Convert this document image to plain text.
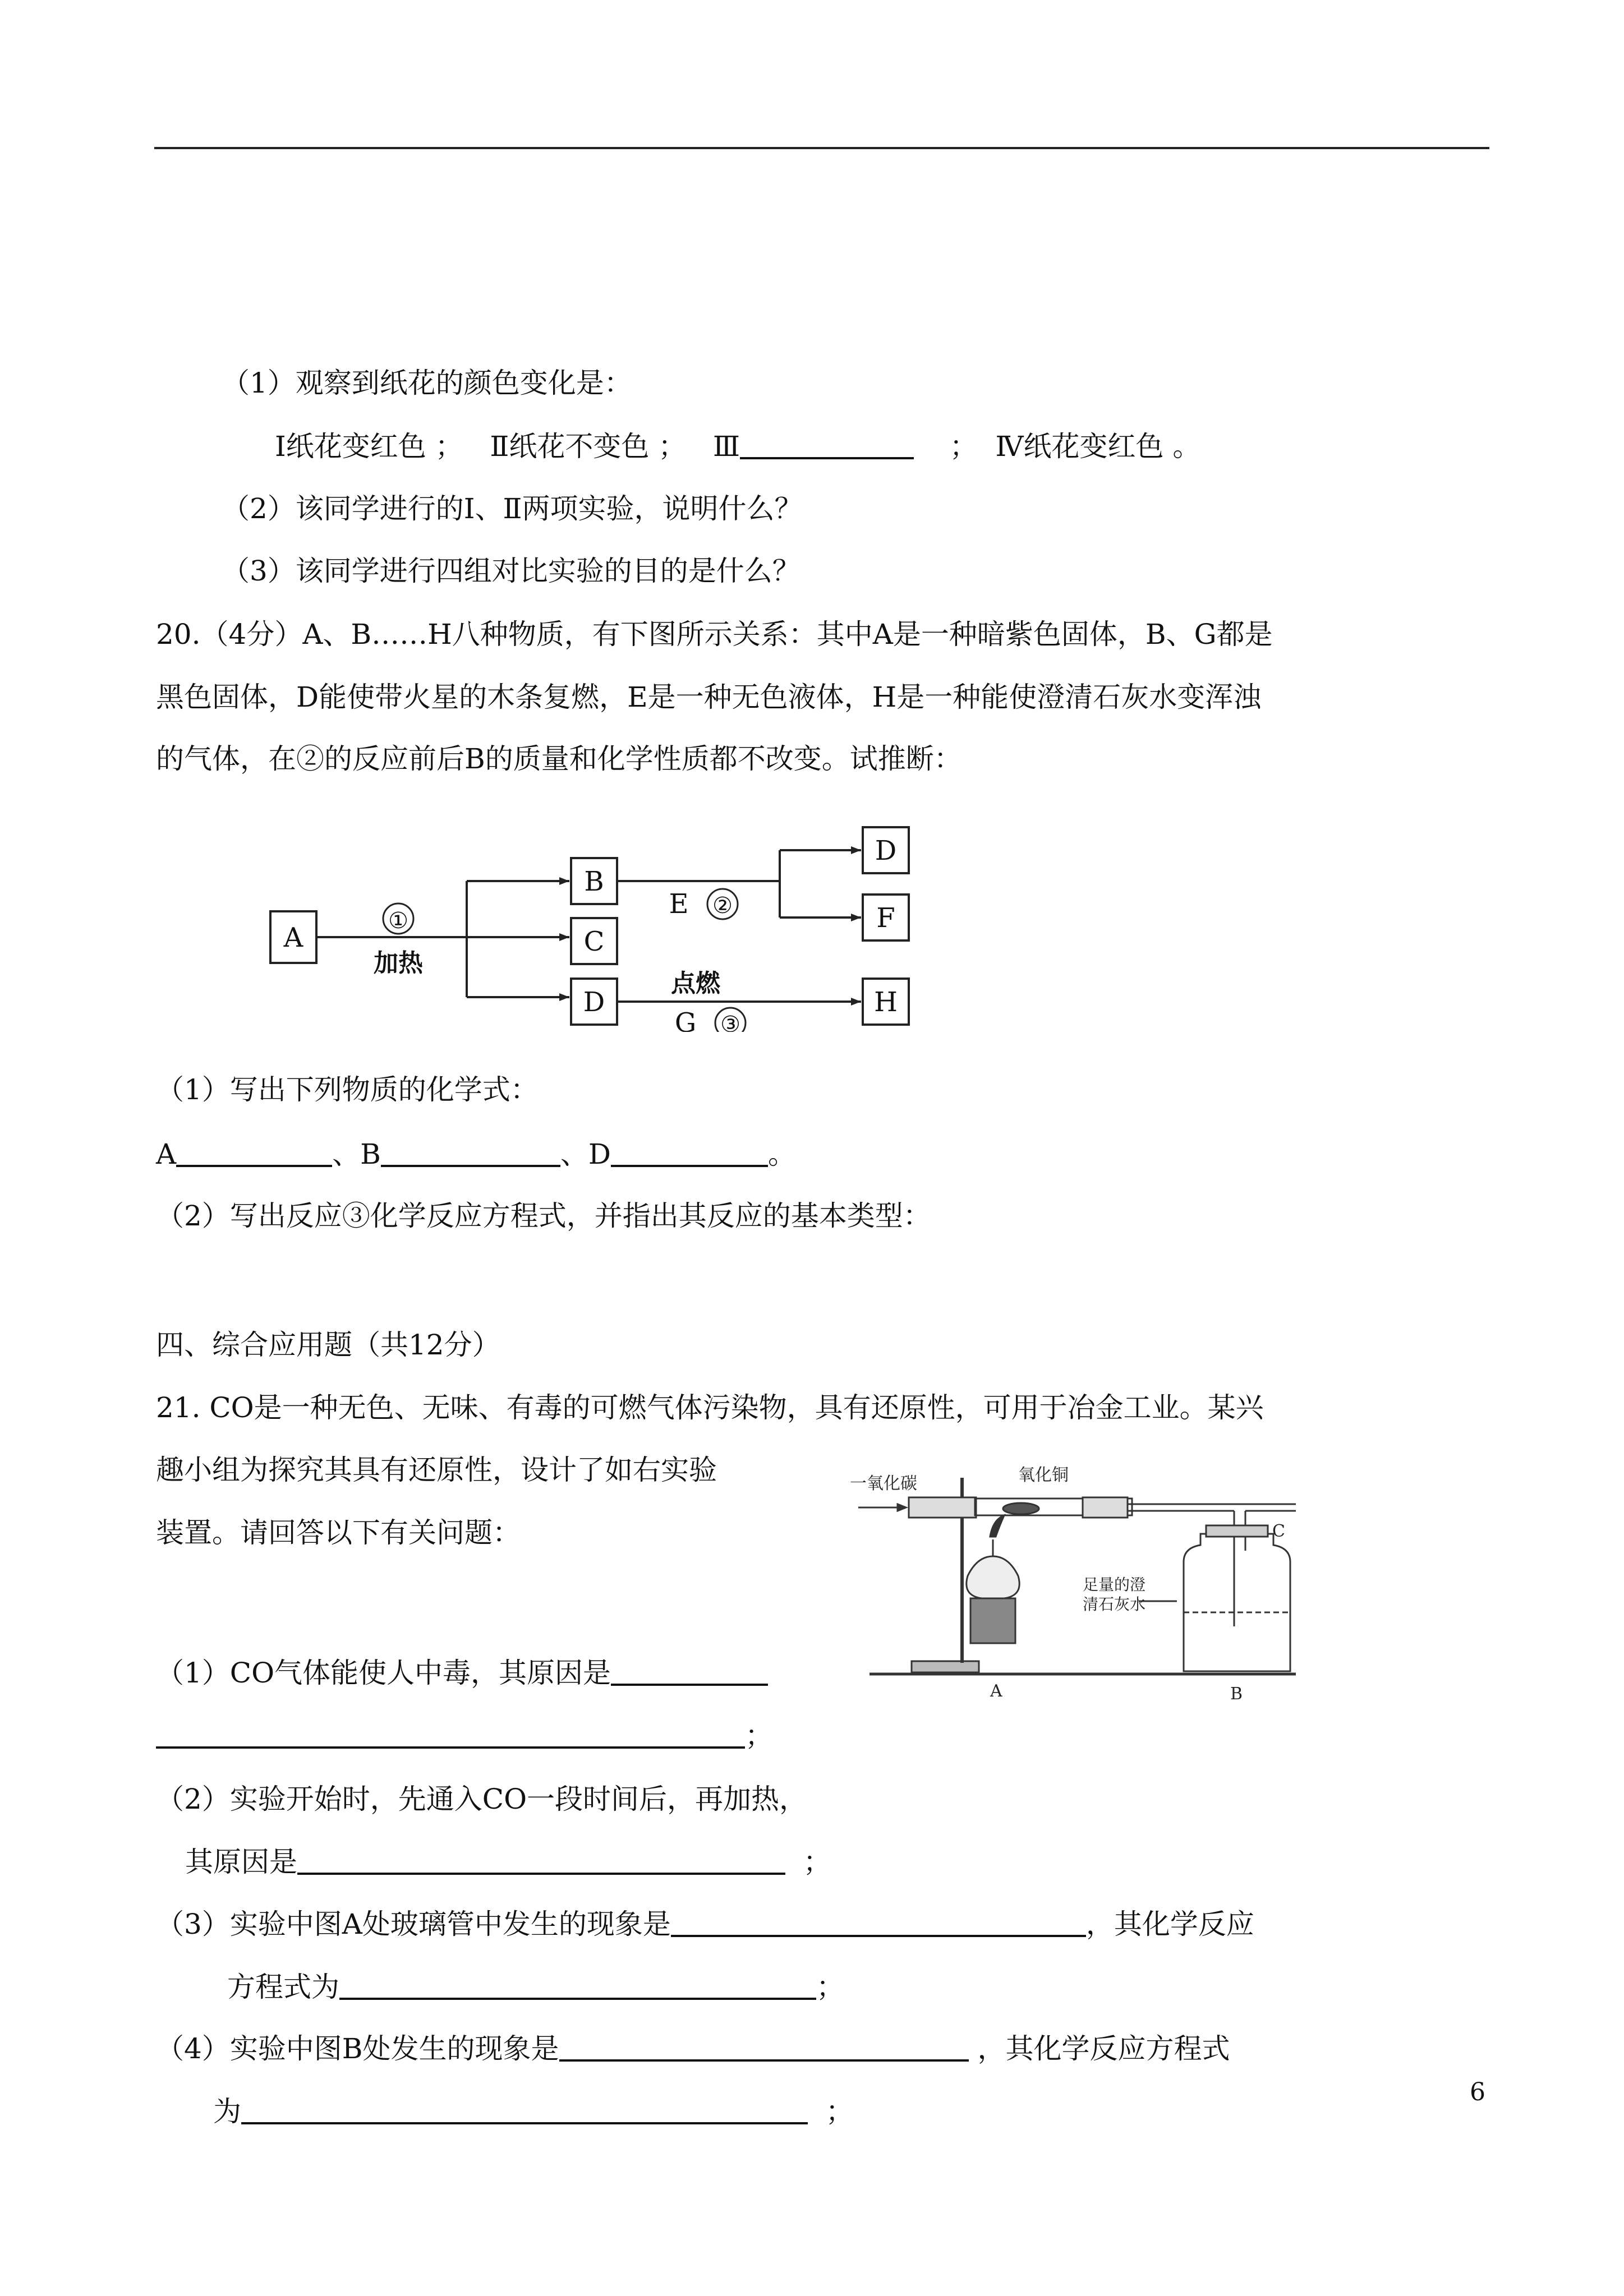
（1）观察到纸花的颜色变化是：
Ⅰ纸花变红色 ； Ⅱ纸花不变色 ； Ⅲ	； Ⅳ纸花变红色 。
（2）该同学进行的Ⅰ、Ⅱ两项实验，说明什么？
（3）该同学进行四组对比实验的目的是什么？
20.（4分）A、B……H八种物质，有下图所示关系：其中A是一种暗紫色固体，B、G都是
黑色固体，D能使带火星的木条复燃，E是一种无色液体，H是一种能使澄清石灰水变浑浊
的气体，在②的反应前后B的质量和化学性质都不改变。试推断：
A
B
C
D
D
F
H
①
加热
E ②
点燃
G ③
（1）写出下列物质的化学式：
A	、B	、D	。
（2）写出反应③化学反应方程式，并指出其反应的基本类型：
四、综合应用题（共12分）
21. CO是一种无色、无味、有毒的可燃气体污染物，具有还原性，可用于冶金工业。某兴
趣小组为探究其具有还原性，设计了如右实验
装置。请回答以下有关问题：
一氧化碳	氧化铜
C
足量的澄
清石灰水
A	B
（1）CO气体能使人中毒，其原因是
；
（2）实验开始时，先通入CO一段时间后，再加热，
其原因是	；
（3）实验中图A处玻璃管中发生的现象是	，其化学反应
方程式为	；
（4）实验中图B处发生的现象是	，其化学反应方程式
为	；
6
